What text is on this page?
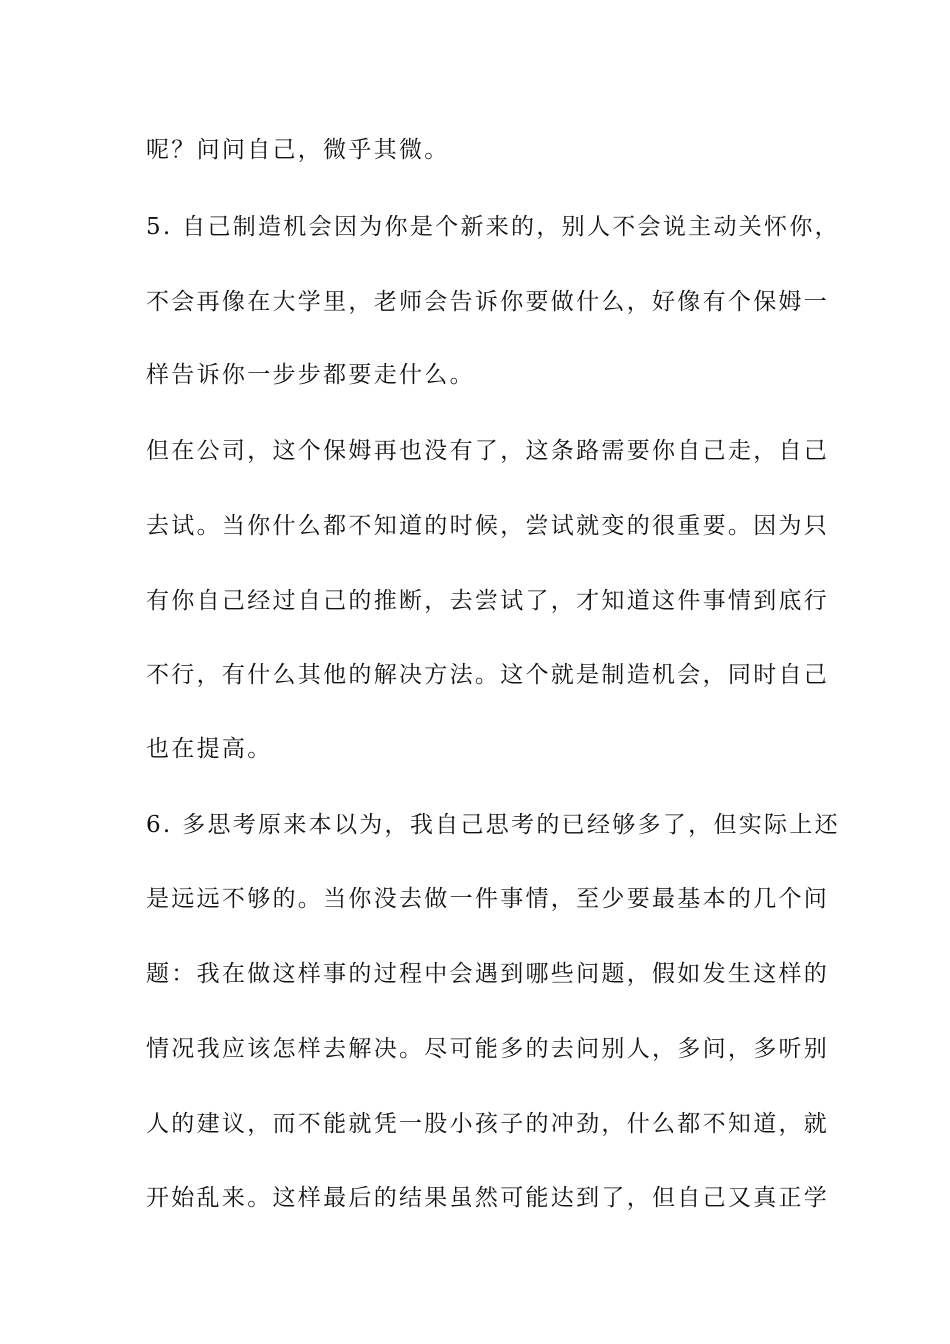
呢？问问自己，微乎其微。
5. 自己制造机会因为你是个新来的，别人不会说主动关怀你，
不会再像在大学里，老师会告诉你要做什么，好像有个保姆一
样告诉你一步步都要走什么。
但在公司，这个保姆再也没有了，这条路需要你自己走，自己
去试。当你什么都不知道的时候，尝试就变的很重要。因为只
有你自己经过自己的推断，去尝试了，才知道这件事情到底行
不行，有什么其他的解决方法。这个就是制造机会，同时自己
也在提高。
6. 多思考原来本以为，我自己思考的已经够多了，但实际上还
是远远不够的。当你没去做一件事情，至少要最基本的几个问
题：我在做这样事的过程中会遇到哪些问题，假如发生这样的
情况我应该怎样去解决。尽可能多的去问别人，多问，多听别
人的建议，而不能就凭一股小孩子的冲劲，什么都不知道，就
开始乱来。这样最后的结果虽然可能达到了，但自己又真正学
